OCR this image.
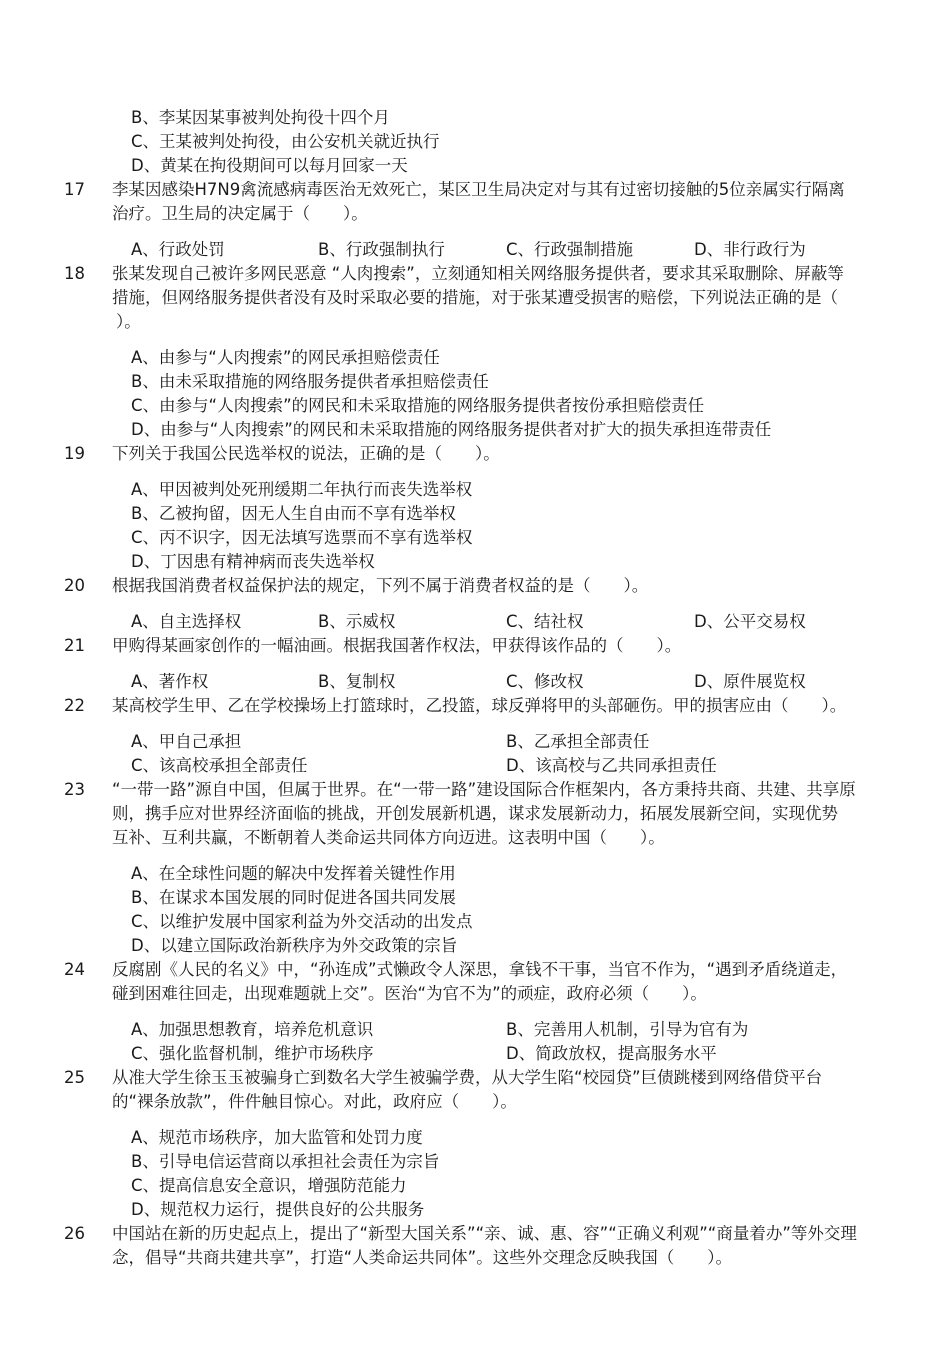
B、李某因某事被判处拘役十四个月
C、王某被判处拘役，由公安机关就近执行
D、黄某在拘役期间可以每月回家一天
17 李某因感染H7N9禽流感病毒医治无效死亡，某区卫生局决定对与其有过密切接触的5位亲属实行隔离
治疗。卫生局的决定属于（　　）。
A、行政处罚	B、行政强制执行	C、行政强制措施	D、非行政行为
18 张某发现自己被许多网民恶意 “人肉搜索”，立刻通知相关网络服务提供者，要求其采取删除、屏蔽等
措施，但网络服务提供者没有及时采取必要的措施，对于张某遭受损害的赔偿，下列说法正确的是（
）。
A、由参与“人肉搜索”的网民承担赔偿责任
B、由未采取措施的网络服务提供者承担赔偿责任
C、由参与“人肉搜索”的网民和未采取措施的网络服务提供者按份承担赔偿责任
D、由参与“人肉搜索”的网民和未采取措施的网络服务提供者对扩大的损失承担连带责任
19 下列关于我国公民选举权的说法，正确的是（　　）。
A、甲因被判处死刑缓期二年执行而丧失选举权
B、乙被拘留，因无人生自由而不享有选举权
C、丙不识字，因无法填写选票而不享有选举权
D、丁因患有精神病而丧失选举权
20 根据我国消费者权益保护法的规定，下列不属于消费者权益的是（　　）。
A、自主选择权	B、示威权	C、结社权	D、公平交易权
21 甲购得某画家创作的一幅油画。根据我国著作权法，甲获得该作品的（　　）。
A、著作权	B、复制权	C、修改权	D、原件展览权
22 某高校学生甲、乙在学校操场上打篮球时，乙投篮，球反弹将甲的头部砸伤。甲的损害应由（　　）。
A、甲自己承担	B、乙承担全部责任
C、该高校承担全部责任	D、该高校与乙共同承担责任
23 “一带一路”源自中国，但属于世界。在“一带一路”建设国际合作框架内，各方秉持共商、共建、共享原
则，携手应对世界经济面临的挑战，开创发展新机遇，谋求发展新动力，拓展发展新空间，实现优势
互补、互利共赢，不断朝着人类命运共同体方向迈进。这表明中国（　　）。
A、在全球性问题的解决中发挥着关键性作用
B、在谋求本国发展的同时促进各国共同发展
C、以维护发展中国家利益为外交活动的出发点
D、以建立国际政治新秩序为外交政策的宗旨
24 反腐剧《人民的名义》中，“孙连成”式懒政令人深思，拿钱不干事，当官不作为，“遇到矛盾绕道走，
碰到困难往回走，出现难题就上交”。医治“为官不为”的顽症，政府必须（　　）。
A、加强思想教育，培养危机意识	B、完善用人机制，引导为官有为
C、强化监督机制，维护市场秩序	D、简政放权，提高服务水平
25 从准大学生徐玉玉被骗身亡到数名大学生被骗学费，从大学生陷“校园贷”巨债跳楼到网络借贷平台
的“裸条放款”，件件触目惊心。对此，政府应（　　）。
A、规范市场秩序，加大监管和处罚力度
B、引导电信运营商以承担社会责任为宗旨
C、提高信息安全意识，增强防范能力
D、规范权力运行，提供良好的公共服务
26 中国站在新的历史起点上，提出了“新型大国关系”“亲、诚、惠、容”“正确义利观”“商量着办”等外交理
念，倡导“共商共建共享”，打造“人类命运共同体”。这些外交理念反映我国（　　）。
